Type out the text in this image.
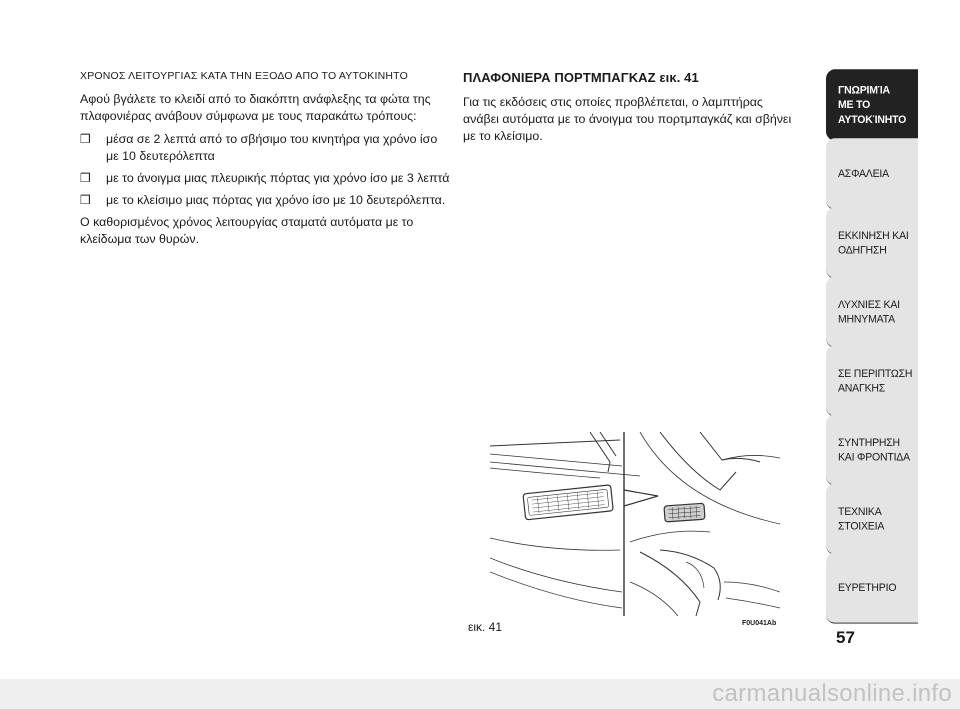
ΧΡΟΝΟΣ ΛΕΙΤΟΥΡΓΙΑΣ ΚΑΤΑ ΤΗΝ ΕΞΟΔΟ ΑΠΟ ΤΟ ΑΥΤΟΚΙΝΗΤΟ

Αφού βγάλετε το κλειδί από το διακόπτη ανάφλεξης τα φώτα της πλαφονιέρας ανάβουν σύμφωνα με τους παρακάτω τρόπους:

❒ μέσα σε 2 λεπτά από το σβήσιμο του κινητήρα για χρόνο ίσο με 10 δευτερόλεπτα
❒ με το άνοιγμα μιας πλευρικής πόρτας για χρόνο ίσο με 3 λεπτά
❒ με το κλείσιμο μιας πόρτας για χρόνο ίσο με 10 δευτερόλεπτα.

Ο καθορισμένος χρόνος λειτουργίας σταματά αυτόματα με το κλείδωμα των θυρών.

ΠΛΑΦΟΝΙΕΡΑ ΠΟΡΤΜΠΑΓΚΑΖ εικ. 41

Για τις εκδόσεις στις οποίες προβλέπεται, ο λαμπτήρας ανάβει αυτόματα με το άνοιγμα του πορτμπαγκάζ και σβήνει με το κλείσιμο.

εικ. 41	F0U041Ab
ΓΝΩΡΙΜΊΑ
ΜΕ ΤΟ
ΑΥΤΟΚΊΝΗΤΟ
ΑΣΦΑΛΕΙΑ
ΕΚΚΙΝΗΣΗ ΚΑΙ
ΟΔΗΓΗΣΗ
ΛΥΧΝΙΕΣ ΚΑΙ
ΜΗΝΥΜΑΤΑ
ΣΕ ΠΕΡΙΠΤΩΣΗ
ΑΝΑΓΚΗΣ
ΣΥΝΤΗΡΗΣΗ
ΚΑΙ ΦΡΟΝΤΙΔΑ
ΤΕΧΝΙΚΑ
ΣΤΟΙΧΕΙΑ
ΕΥΡΕΤΗΡΙΟ
57
carmanualsonline.info
